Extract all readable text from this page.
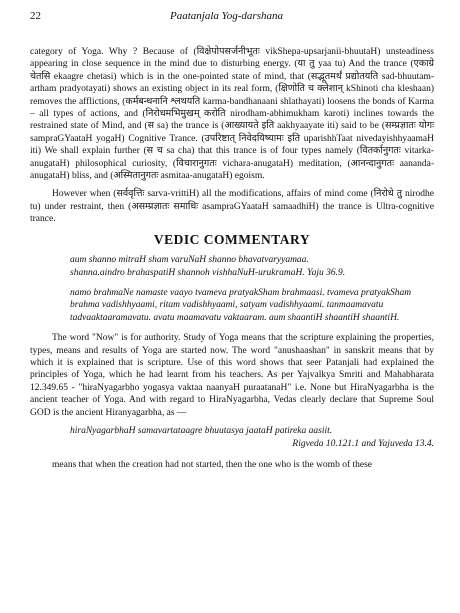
22	Paatanjala Yog-darshana

category of Yoga. Why ? Because of (विक्षेपोपसर्जनीभूतः vikShepa-upsarjanii-bhuutaH) unsteadiness appearing in close sequence in the mind due to disturbing energy. (या तु yaa tu) And the trance (एकाग्रे चेतसि ekaagre chetasi) which is in the one-pointed state of mind, that (सद्भूतमर्थं प्रद्योतयति sad-bhuutam-artham pradyotayati) shows an existing object in its real form, (क्षिणोति च क्लेशान् kShinoti cha kleshaan) removes the afflictions, (कर्मबन्धनानि श्लथयति karma-bandhanaani shlathayati) loosens the bonds of Karma – all types of actions, and (निरोधमभिमुखम् करोति nirodham-abhimukham karoti) inclines towards the restrained state of Mind, and (स sa) the trance is (आख्यायते इति aakhyaayate iti) said to be (सम्प्रज्ञातः योगः sampraGYaataH yogaH) Cognitive Trance. (उपरिष्टात् निवेदयिष्यामः इति uparishhTaat nivedayishhyaamaH iti) We shall explain further (स च sa cha) that this trance is of four types namely (वितर्कानुगतः vitarka-anugataH) philosophical curiosity, (विचारानुगतः vichara-anugataH) meditation, (आनन्दानुगतः aananda-anugataH) bliss, and (अस्मितानुगतः asmitaa-anugataH) egoism.

However when (सर्ववृत्तिः sarva-vrittiH) all the modifications, affairs of mind come (निरोधे तु nirodhe tu) under restraint, then (असम्प्रज्ञातः समाधिः asampraGYaataH samaadhiH) the trance is Ultra-cognitive trance.

VEDIC COMMENTARY
aum shanno mitraH sham varuNaH shanno bhavatvaryyamaa.
shanna.aindro brahaspatiH shannoh vishhaNuH-urukramaH. Yaju 36.9.
namo brahmaNe namaste vaayo tvameva pratyakSham brahmaasi. tvameva pratyakSham brahma vadishhyaami, ritam vadishhyaami, satyam vadishhyaami. tanmaamavatu tadvaaktaaramavatu. avatu maamavatu vaktaaram. aum shaantiH shaantiH shaantiH.

The word "Now" is for authority. Study of Yoga means that the scripture explaining the properties, types, means and results of Yoga are started now. The word "anushaashan" in sanskrit means that by which it is explained that is scripture. Use of this word shows that seer Patanjali had explained the principles of Yoga, which he had learnt from his teachers. As per Yajvalkya Smriti and Mahabharata 12.349.65 - "hiraNyagarbho yogasya vaktaa naanyaH puraatanaH" i.e. None but HiraNyagarbha is the ancient teacher of Yoga. And with regard to HiraNyagarbha, Vedas clearly declare that Supreme Soul GOD is the ancient Hiranyagarbha, as —

hiraNyagarbhaH samavartataagre bhuutasya jaataH patireka aasiit.
Rigveda 10.121.1 and Yajuveda 13.4.

means that when the creation had not started, then the one who is the womb of these
